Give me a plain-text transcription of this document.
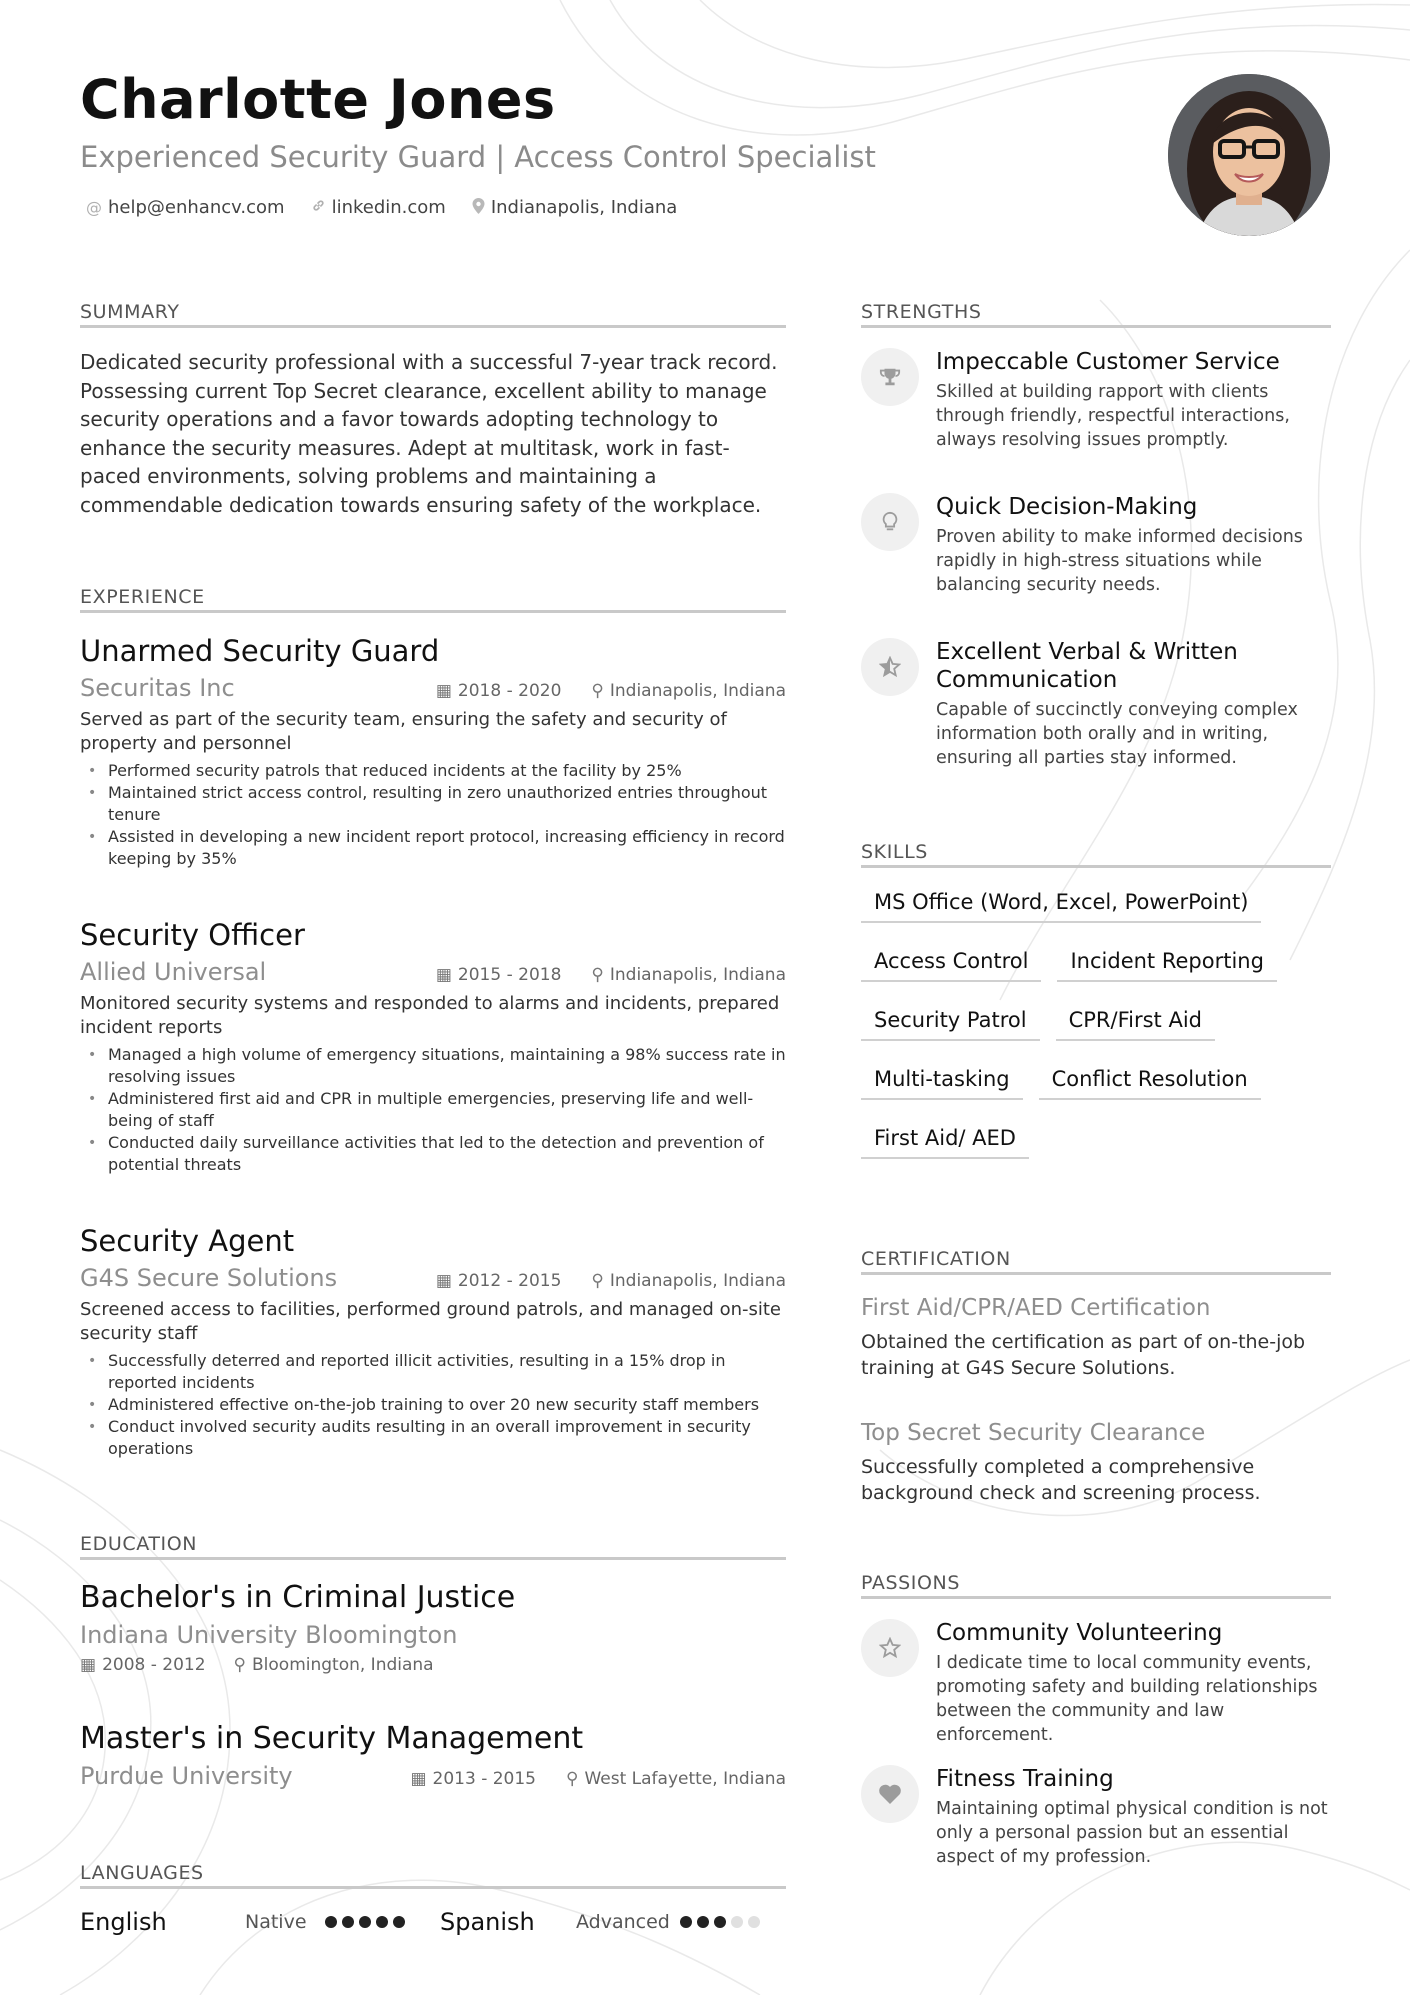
Charlotte Jones
Experienced Security Guard | Access Control Specialist
@ help@enhancv.com	linkedin.com	Indianapolis, Indiana
SUMMARY
Dedicated security professional with a successful 7-year track record. Possessing current Top Secret clearance, excellent ability to manage security operations and a favor towards adopting technology to enhance the security measures. Adept at multitask, work in fast-paced environments, solving problems and maintaining a commendable dedication towards ensuring safety of the workplace.
EXPERIENCE
Unarmed Security Guard
Securitas Inc	▦ 2018 - 2020 ⚲ Indianapolis, Indiana
Served as part of the security team, ensuring the safety and security of property and personnel
• Performed security patrols that reduced incidents at the facility by 25%
• Maintained strict access control, resulting in zero unauthorized entries throughout tenure
• Assisted in developing a new incident report protocol, increasing efficiency in record keeping by 35%
Security Officer
Allied Universal	▦ 2015 - 2018 ⚲ Indianapolis, Indiana
Monitored security systems and responded to alarms and incidents, prepared incident reports
• Managed a high volume of emergency situations, maintaining a 98% success rate in resolving issues
• Administered first aid and CPR in multiple emergencies, preserving life and well-being of staff
• Conducted daily surveillance activities that led to the detection and prevention of potential threats
Security Agent
G4S Secure Solutions	▦ 2012 - 2015 ⚲ Indianapolis, Indiana
Screened access to facilities, performed ground patrols, and managed on-site security staff
• Successfully deterred and reported illicit activities, resulting in a 15% drop in reported incidents
• Administered effective on-the-job training to over 20 new security staff members
• Conduct involved security audits resulting in an overall improvement in security operations
EDUCATION
Bachelor's in Criminal Justice
Indiana University Bloomington
▦ 2008 - 2012 ⚲ Bloomington, Indiana
Master's in Security Management
Purdue University	▦ 2013 - 2015 ⚲ West Lafayette, Indiana
LANGUAGES
English	Native	Spanish	Advanced
STRENGTHS
Impeccable Customer Service
Skilled at building rapport with clients through friendly, respectful interactions, always resolving issues promptly.
Quick Decision-Making
Proven ability to make informed decisions rapidly in high-stress situations while balancing security needs.
Excellent Verbal & Written Communication
Capable of succinctly conveying complex information both orally and in writing, ensuring all parties stay informed.
SKILLS
MS Office (Word, Excel, PowerPoint)
Access Control	Incident Reporting
Security Patrol	CPR/First Aid
Multi-tasking	Conflict Resolution
First Aid/ AED
CERTIFICATION
First Aid/CPR/AED Certification
Obtained the certification as part of on-the-job training at G4S Secure Solutions.
Top Secret Security Clearance
Successfully completed a comprehensive background check and screening process.
PASSIONS
Community Volunteering
I dedicate time to local community events, promoting safety and building relationships between the community and law enforcement.
Fitness Training
Maintaining optimal physical condition is not only a personal passion but an essential aspect of my profession.
